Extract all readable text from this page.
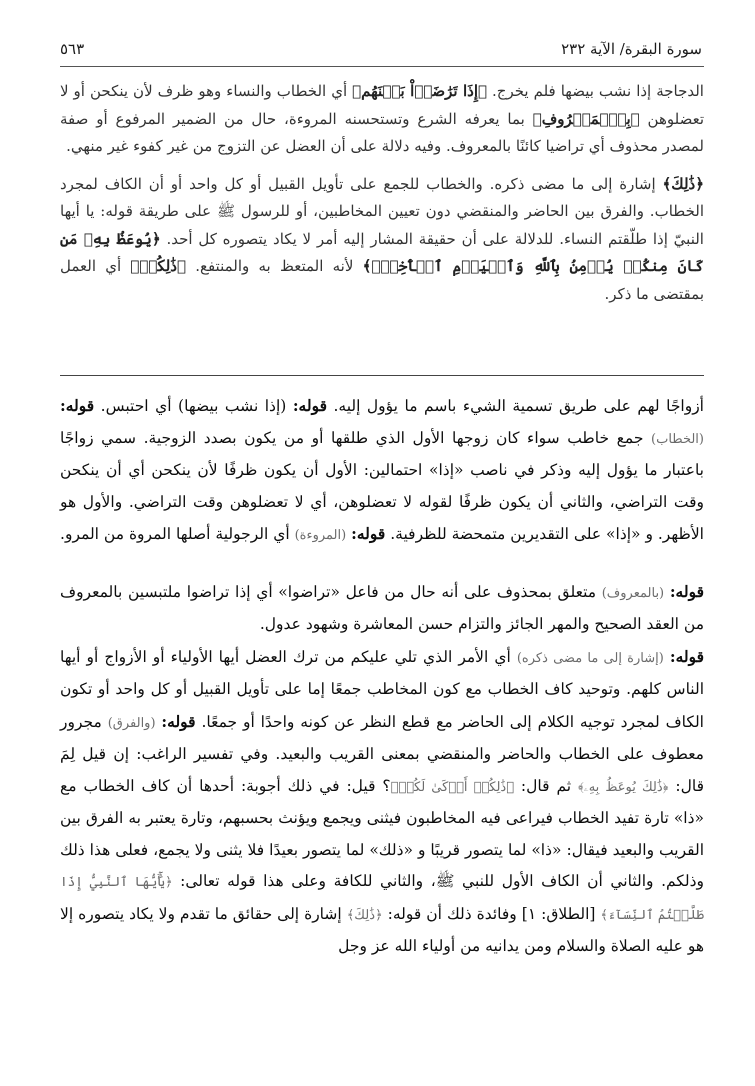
٥٦٣	سورة البقرة/ الآية ٢٣٢

الدجاجة إذا نشب بيضها فلم يخرج. ﴿إِذَا تَرَٰضَوۡاْ بَيۡنَهُم﴾ أي الخطاب والنساء وهو ظرف لأن ينكحن أو لا تعضلوهن ﴿بِٱلۡمَعۡرُوفِ﴾ بما يعرفه الشرع وتستحسنه المروءة، حال من الضمير المرفوع أو صفة لمصدر محذوف أي تراضيا كائنًا بالمعروف. وفيه دلالة على أن العضل عن التزوج من غير كفوء غير منهي.

﴿ذَٰلِكَ﴾ إشارة إلى ما مضى ذكره. والخطاب للجمع على تأويل القبيل أو كل واحد أو أن الكاف لمجرد الخطاب. والفرق بين الحاضر والمنقضي دون تعيين المخاطبين، أو للرسول ﷺ على طريقة قوله: يا أيها النبيّ إذا طلّقتم النساء. للدلالة على أن حقيقة المشار إليه أمر لا يكاد يتصوره كل أحد. ﴿يُوعَظُ بِهِۦ مَن كَانَ مِنكُمۡ يُؤۡمِنُ بِٱللَّهِ وَٱلۡيَوۡمِ ٱلۡأٓخِرِۗ﴾ لأنه المتعظ به والمنتفع. ﴿ذَٰلِكُمۡ﴾ أي العمل بمقتضى ما ذكر.

أزواجًا لهم على طريق تسمية الشيء باسم ما يؤول إليه. قوله: (إذا نشب بيضها) أي احتبس. قوله: (الخطاب) جمع خاطب سواء كان زوجها الأول الذي طلقها أو من يكون بصدد الزوجية. سمي زواجًا باعتبار ما يؤول إليه وذكر في ناصب «إذا» احتمالين: الأول أن يكون ظرفًا لأن ينكحن أي أن ينكحن وقت التراضي، والثاني أن يكون ظرفًا لقوله لا تعضلوهن، أي لا تعضلوهن وقت التراضي. والأول هو الأظهر. و «إذا» على التقديرين متمحضة للظرفية. قوله: (المروءة) أي الرجولية أصلها المروة من المرو.

قوله: (بالمعروف) متعلق بمحذوف على أنه حال من فاعل «تراضوا» أي إذا تراضوا ملتبسين بالمعروف من العقد الصحيح والمهر الجائز والتزام حسن المعاشرة وشهود عدول.

قوله: (إشارة إلى ما مضى ذكره) أي الأمر الذي تلي عليكم من ترك العضل أيها الأولياء أو الأزواج أو أيها الناس كلهم. وتوحيد كاف الخطاب مع كون المخاطب جمعًا إما على تأويل القبيل أو كل واحد أو تكون الكاف لمجرد توجيه الكلام إلى الحاضر مع قطع النظر عن كونه واحدًا أو جمعًا. قوله: (والفرق) مجرور معطوف على الخطاب والحاضر والمنقضي بمعنى القريب والبعيد. وفي تفسير الراغب: إن قيل لِمَ قال: ﴿ذَٰلِكَ يُوعَظُ بِهِۦ﴾ ثم قال: ﴿ذَٰلِكُمۡ أَزۡكَىٰ لَكُمۡ﴾؟ قيل: في ذلك أجوبة: أحدها أن كاف الخطاب مع «ذا» تارة تفيد الخطاب فيراعى فيه المخاطبون فيثنى ويجمع ويؤنث بحسبهم، وتارة يعتبر به الفرق بين القريب والبعيد فيقال: «ذا» لما يتصور قريبًا و «ذلك» لما يتصور بعيدًا فلا يثنى ولا يجمع، فعلى هذا ذلك وذلكم. والثاني أن الكاف الأول للنبي ﷺ، والثاني للكافة وعلى هذا قوله تعالى: ﴿يَٰٓأَيُّهَا ٱلنَّبِيُّ إِذَا طَلَّقۡتُمُ ٱلنِّسَآءَ﴾ [الطلاق: ١] وفائدة ذلك أن قوله: ﴿ذَٰلِكَ﴾ إشارة إلى حقائق ما تقدم ولا يكاد يتصوره إلا هو عليه الصلاة والسلام ومن يدانيه من أولياء الله عز وجل
